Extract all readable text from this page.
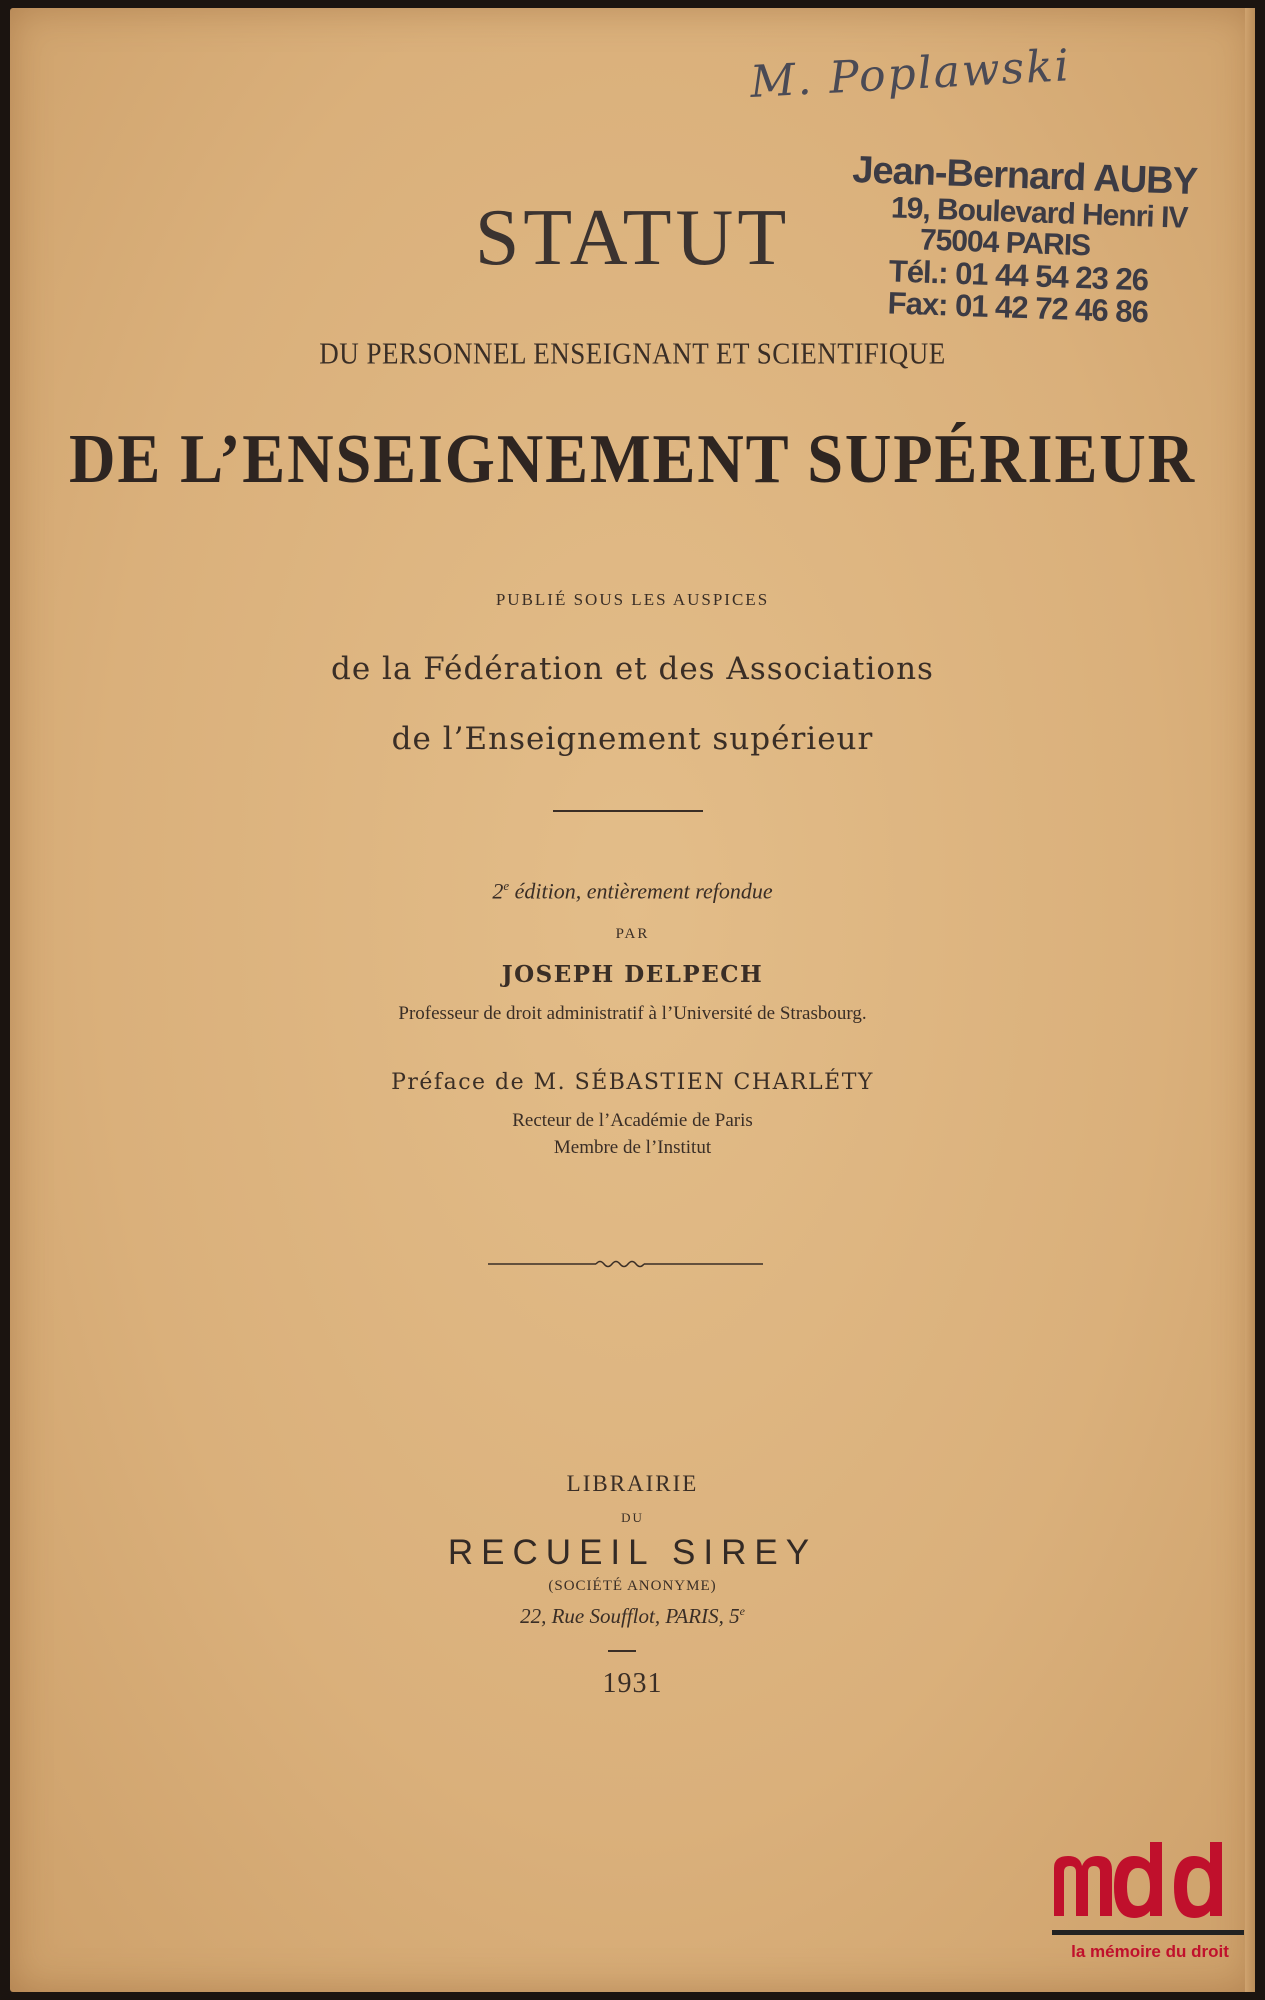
M. Poplawski
Jean-Bernard AUBY
19, Boulevard Henri IV
75004 PARIS
Tél.: 01 44 54 23 26
Fax: 01 42 72 46 86
STATUT
DU PERSONNEL ENSEIGNANT ET SCIENTIFIQUE
DE L’ENSEIGNEMENT SUPÉRIEUR
PUBLIÉ SOUS LES AUSPICES
de la Fédération et des Associations
de l’Enseignement supérieur
2e édition, entièrement refondue
PAR
JOSEPH DELPECH
Professeur de droit administratif à l’Université de Strasbourg.
Préface de M. SÉBASTIEN CHARLÉTY
Recteur de l’Académie de Paris
Membre de l’Institut
LIBRAIRIE
DU
RECUEIL SIREY
(SOCIÉTÉ ANONYME)
22, Rue Soufflot, PARIS, 5e
1931
la mémoire du droit
